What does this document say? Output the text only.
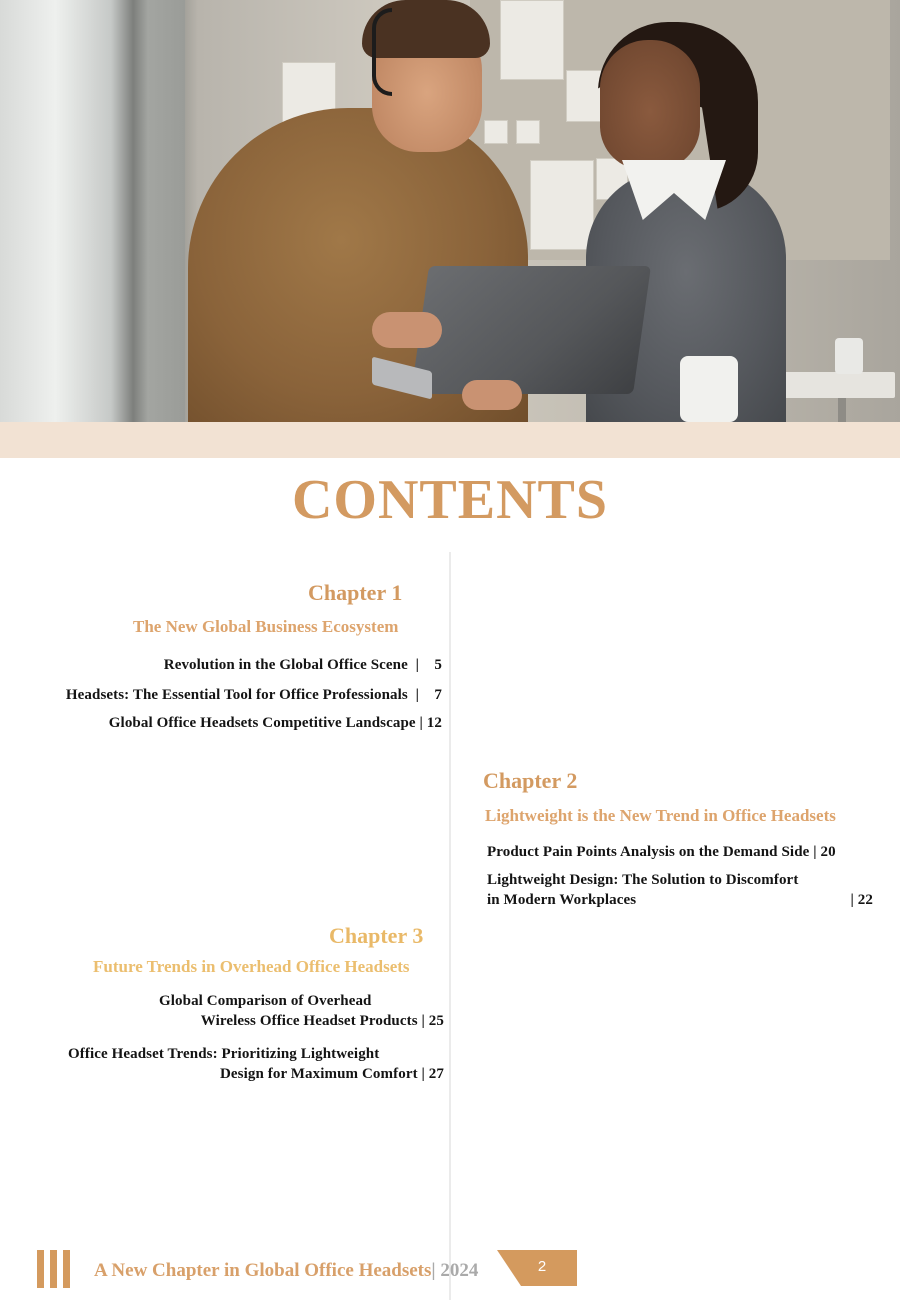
CONTENTS

Chapter 1

The New Global Business Ecosystem

Revolution in the Global Office Scene | 5
Headsets: The Essential Tool for Office Professionals | 7
Global Office Headsets Competitive Landscape | 12

Chapter 2

Lightweight is the New Trend in Office Headsets

Product Pain Points Analysis on the Demand Side | 20
Lightweight Design: The Solution to Discomfort
in Modern Workplaces	| 22

Chapter 3

Future Trends in Overhead Office Headsets

Global Comparison of Overhead
Wireless Office Headset Products | 25
Office Headset Trends: Prioritizing Lightweight
Design for Maximum Comfort | 27
A New Chapter in Global Office Headsets| 2024	2
